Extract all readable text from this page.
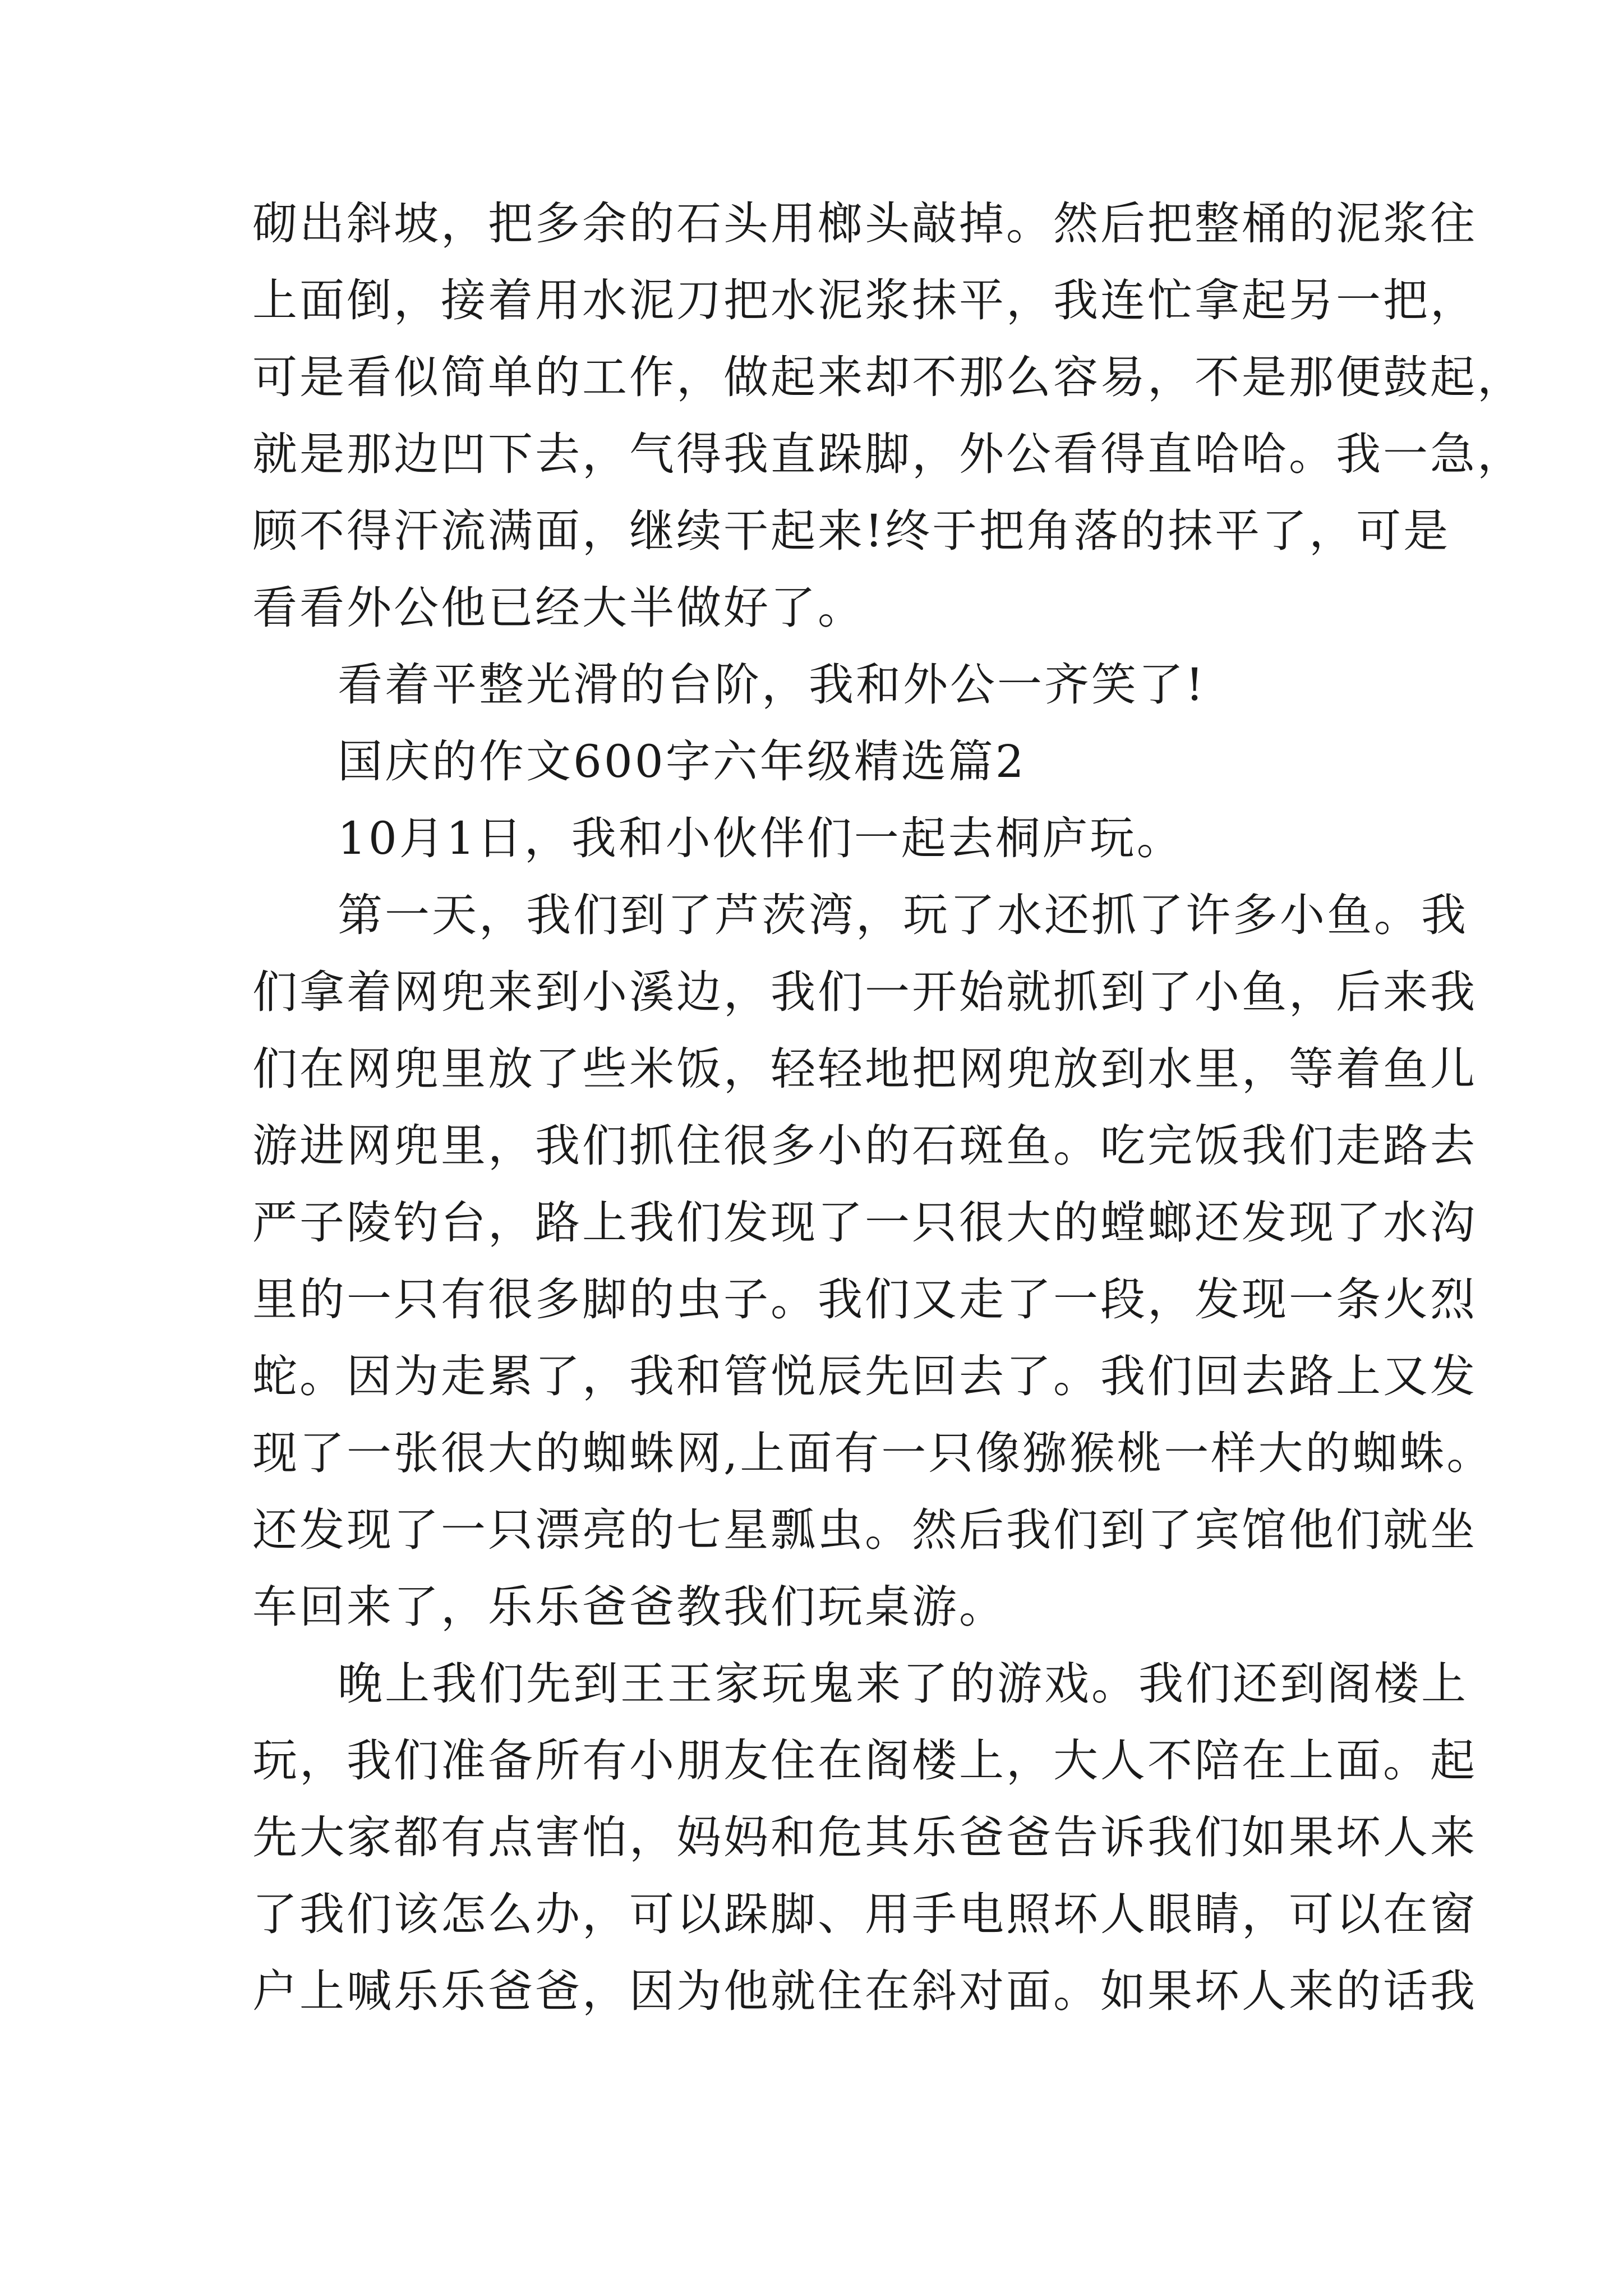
砌出斜坡，把多余的石头用榔头敲掉。然后把整桶的泥浆往
上面倒，接着用水泥刀把水泥浆抹平，我连忙拿起另一把，
可是看似简单的工作，做起来却不那么容易，不是那便鼓起，
就是那边凹下去，气得我直跺脚，外公看得直哈哈。我一急，
顾不得汗流满面，继续干起来!终于把角落的抹平了，可是
看看外公他已经大半做好了。
看着平整光滑的台阶，我和外公一齐笑了!
国庆的作文600字六年级精选篇2
10月1日，我和小伙伴们一起去桐庐玩。
第一天，我们到了芦茨湾，玩了水还抓了许多小鱼。我
们拿着网兜来到小溪边，我们一开始就抓到了小鱼，后来我
们在网兜里放了些米饭，轻轻地把网兜放到水里，等着鱼儿
游进网兜里，我们抓住很多小的石斑鱼。吃完饭我们走路去
严子陵钓台，路上我们发现了一只很大的螳螂还发现了水沟
里的一只有很多脚的虫子。我们又走了一段，发现一条火烈
蛇。因为走累了，我和管悦辰先回去了。我们回去路上又发
现了一张很大的蜘蛛网,上面有一只像猕猴桃一样大的蜘蛛。
还发现了一只漂亮的七星瓢虫。然后我们到了宾馆他们就坐
车回来了，乐乐爸爸教我们玩桌游。
晚上我们先到王王家玩鬼来了的游戏。我们还到阁楼上
玩，我们准备所有小朋友住在阁楼上，大人不陪在上面。起
先大家都有点害怕，妈妈和危其乐爸爸告诉我们如果坏人来
了我们该怎么办，可以跺脚、用手电照坏人眼睛，可以在窗
户上喊乐乐爸爸，因为他就住在斜对面。如果坏人来的话我
